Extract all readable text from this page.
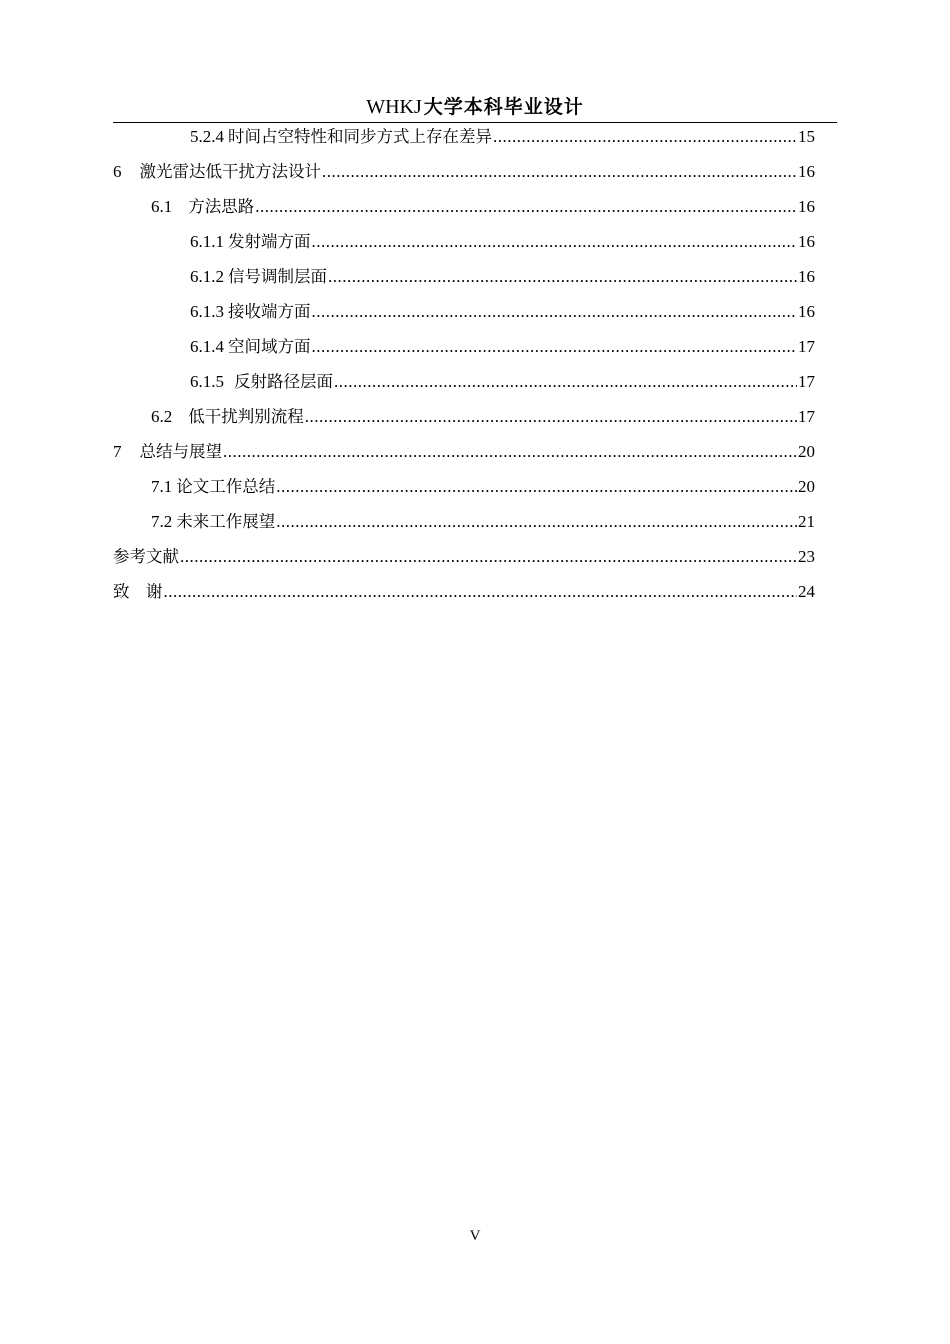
WHKJ 大学本科毕业设计
5.2.4 时间占空特性和同步方式上存在差异 .....	15
6 激光雷达低干扰方法设计 .....	16
6.1 方法思路 .....	16
6.1.1 发射端方面 .....	16
6.1.2 信号调制层面 .....	16
6.1.3 接收端方面 .....	16
6.1.4 空间域方面 .....	17
6.1.5 反射路径层面 .....	17
6.2 低干扰判别流程 .....	17
7 总结与展望 .....	20
7.1 论文工作总结 .....	20
7.2 未来工作展望 .....	21
参考文献 .....	23
致　谢 .....	24
V
